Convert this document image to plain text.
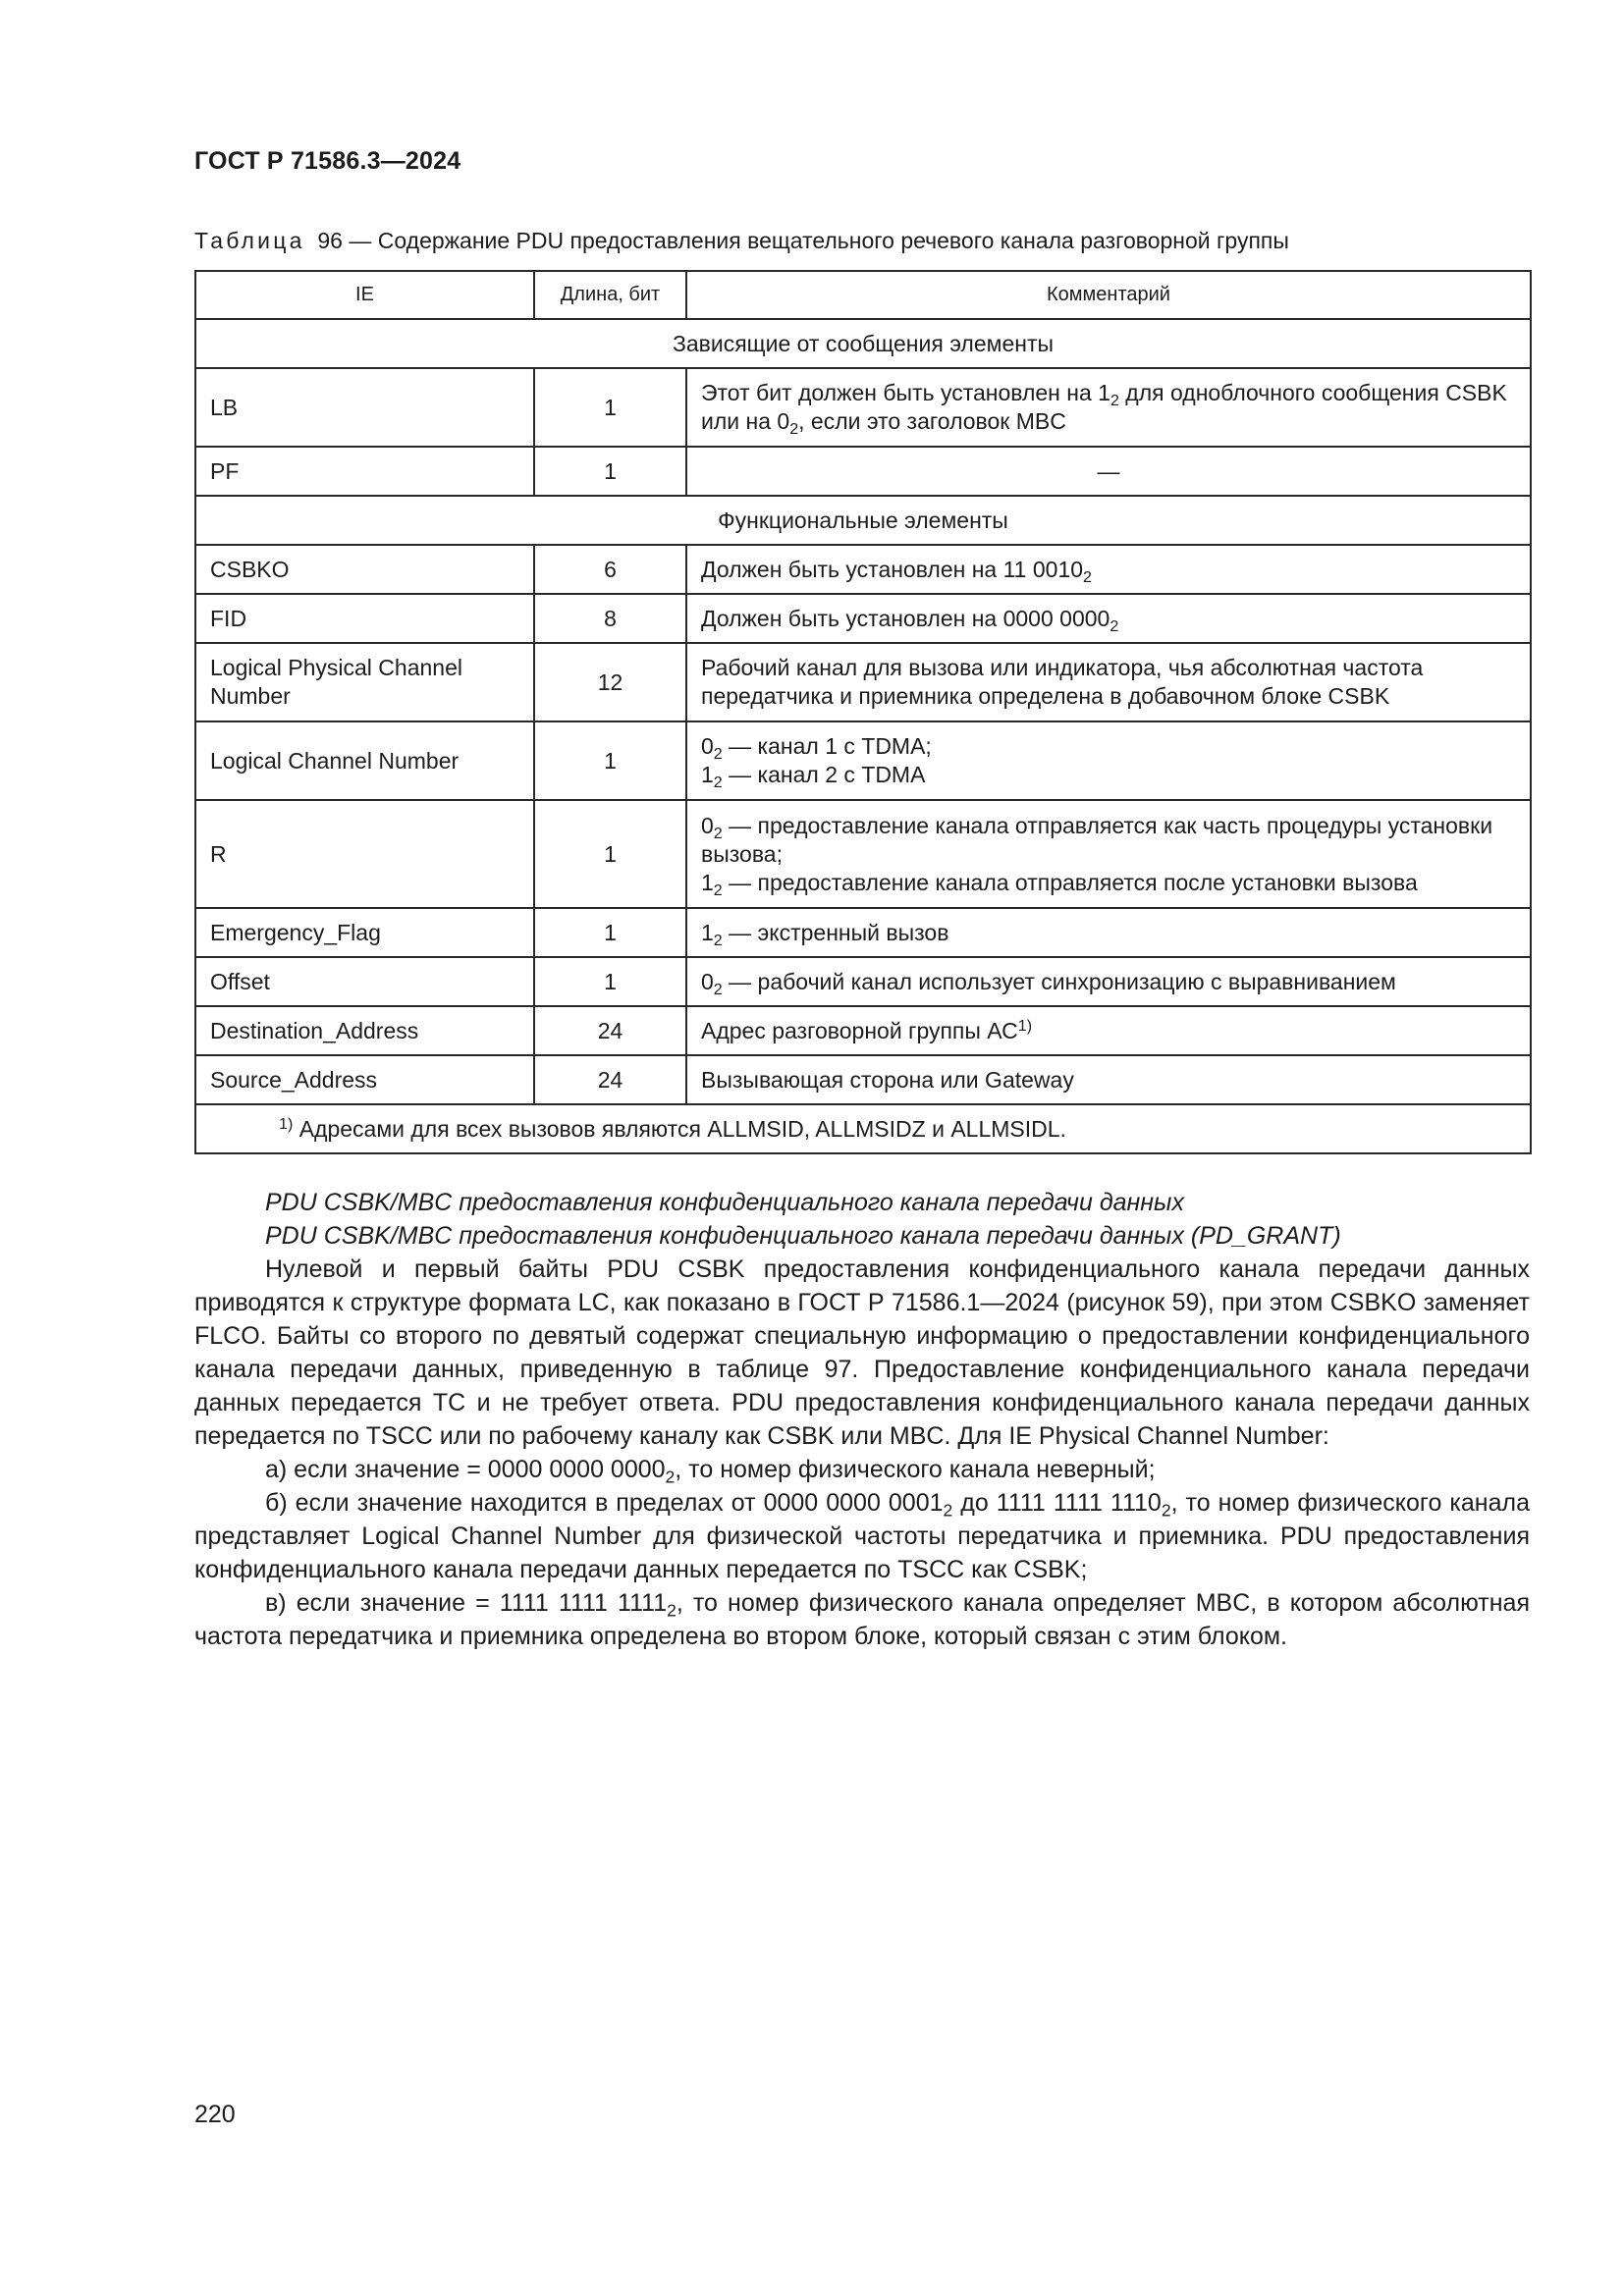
ГОСТ Р 71586.3—2024
Таблица 96 — Содержание PDU предоставления вещательного речевого канала разговорной группы
IE	Длина, бит	Комментарий
Зависящие от сообщения элементы		
LB	1	Этот бит должен быть установлен на $1_2$ для одноблочного сообщения CSBK или на $0_2$, если это заголовок MBC
PF	1	—
Функциональные элементы		
CSBKO	6	Должен быть установлен на 11 $0010_2$
FID	8	Должен быть установлен на 0000 $0000_2$
Logical Physical Channel Number	12	Рабочий канал для вызова или индикатора, чья абсолютная частота передатчика и приемника определена в добавочном блоке CSBK
Logical Channel Number	1	$0_2$ — канал 1 с TDMA;
$1_2$ — канал 2 с TDMA

R	1	$0_2$ — предоставление канала отправляется как часть процедуры установки вызова;
$1_2$ — предоставление канала отправляется после установки вызова

Emergency_Flag	1	$1_2$ — экстренный вызов
Offset	1	$0_2$ — рабочий канал использует синхронизацию с выравниванием
Destination_Address	24	Адрес разговорной группы АС$^{1)}$
Source_Address	24	Вызывающая сторона или Gateway
$^{1)}$ Адресами для всех вызовов являются ALLMSID, ALLMSIDZ и ALLMSIDL.		

PDU CSBK/MBC предоставления конфиденциального канала передачи данных

PDU CSBK/MBC предоставления конфиденциального канала передачи данных (PD_GRANT)

Нулевой и первый байты PDU CSBK предоставления конфиденциального канала передачи данных приводятся к структуре формата LC, как показано в ГОСТ Р 71586.1—2024 (рисунок 59), при этом CSBKO заменяет FLCO. Байты со второго по девятый содержат специальную информацию о предоставлении конфиденциального канала передачи данных, приведенную в таблице 97. Предоставление конфиденциального канала передачи данных передается ТС и не требует ответа. PDU предоставления конфиденциального канала передачи данных передается по TSCC или по рабочему каналу как CSBK или MBC. Для IE Physical Channel Number:

а) если значение = 0000 0000 $0000_2$, то номер физического канала неверный;

б) если значение находится в пределах от 0000 0000 $0001_2$ до 1111 1111 $1110_2$, то номер физического канала представляет Logical Channel Number для физической частоты передатчика и приемника. PDU предоставления конфиденциального канала передачи данных передается по TSCC как CSBK;

в) если значение = 1111 1111 $1111_2$, то номер физического канала определяет MBC, в котором абсолютная частота передатчика и приемника определена во втором блоке, который связан с этим блоком.

220
